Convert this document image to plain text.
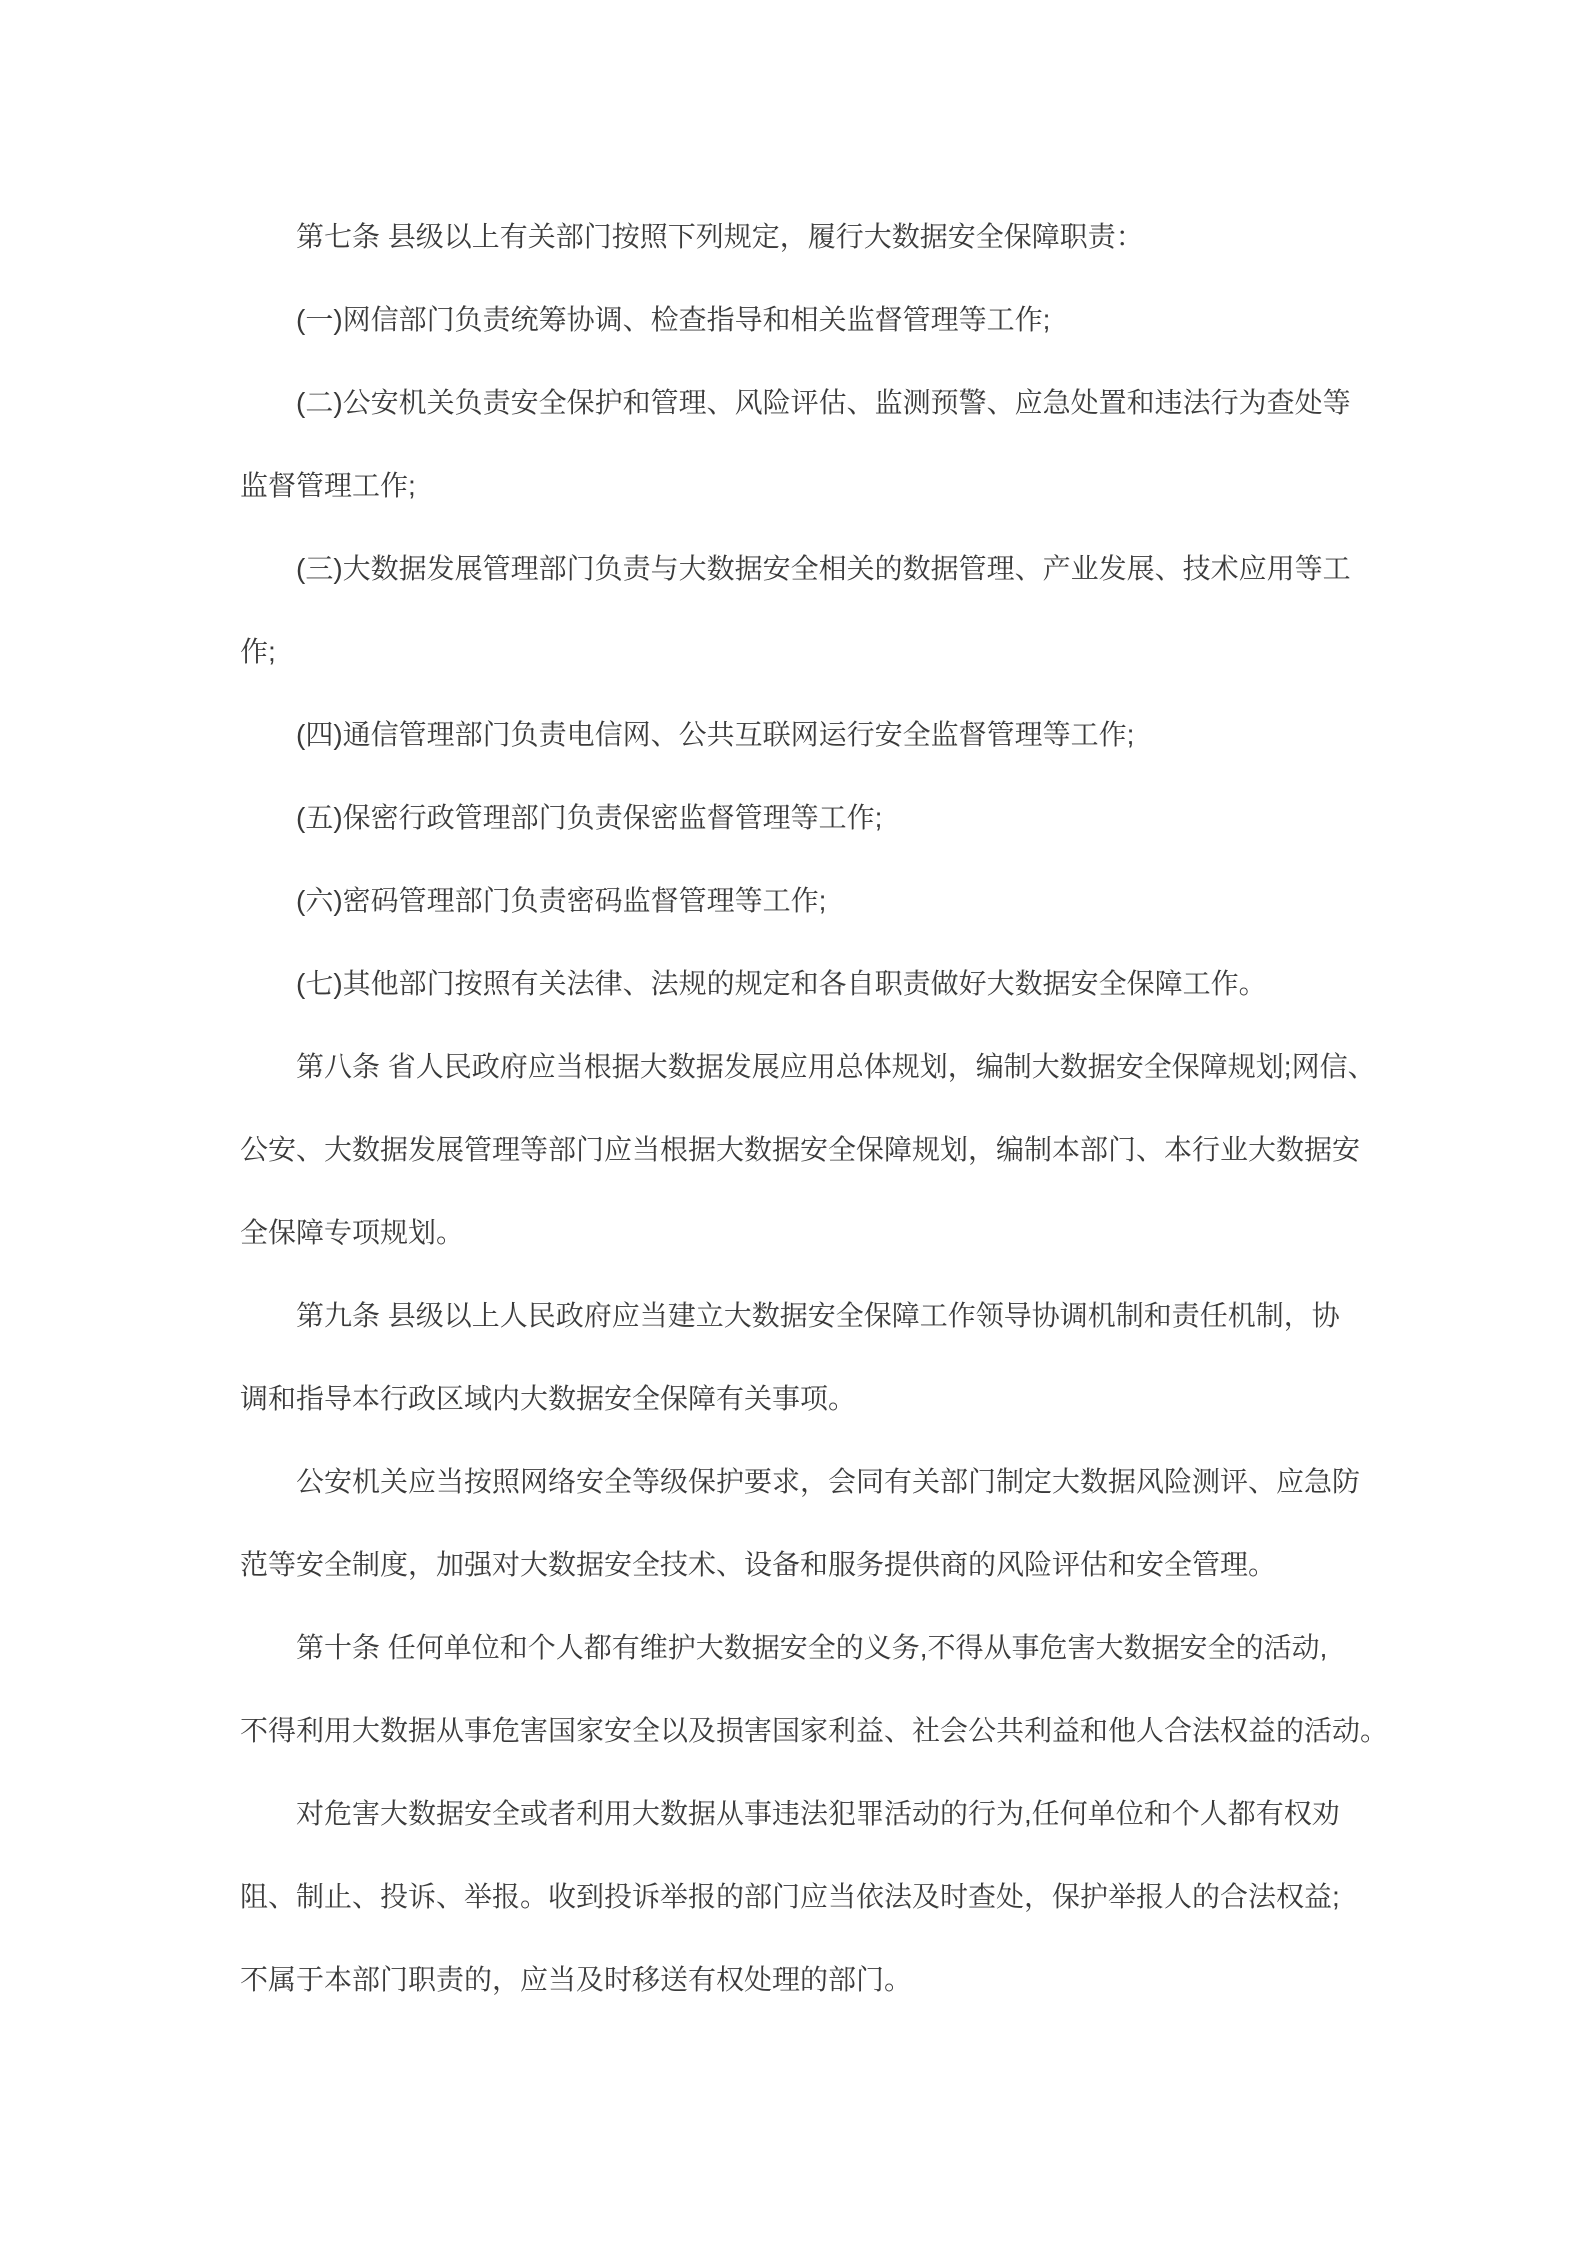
第七条 县级以上有关部门按照下列规定，履行大数据安全保障职责：
(一)网信部门负责统筹协调、检查指导和相关监督管理等工作;
(二)公安机关负责安全保护和管理、风险评估、监测预警、应急处置和违法行为查处等
监督管理工作;
(三)大数据发展管理部门负责与大数据安全相关的数据管理、产业发展、技术应用等工
作;
(四)通信管理部门负责电信网、公共互联网运行安全监督管理等工作;
(五)保密行政管理部门负责保密监督管理等工作;
(六)密码管理部门负责密码监督管理等工作;
(七)其他部门按照有关法律、法规的规定和各自职责做好大数据安全保障工作。
第八条 省人民政府应当根据大数据发展应用总体规划，编制大数据安全保障规划;网信、
公安、大数据发展管理等部门应当根据大数据安全保障规划，编制本部门、本行业大数据安
全保障专项规划。
第九条 县级以上人民政府应当建立大数据安全保障工作领导协调机制和责任机制，协
调和指导本行政区域内大数据安全保障有关事项。
公安机关应当按照网络安全等级保护要求，会同有关部门制定大数据风险测评、应急防
范等安全制度，加强对大数据安全技术、设备和服务提供商的风险评估和安全管理。
第十条 任何单位和个人都有维护大数据安全的义务,不得从事危害大数据安全的活动,
不得利用大数据从事危害国家安全以及损害国家利益、社会公共利益和他人合法权益的活动。
对危害大数据安全或者利用大数据从事违法犯罪活动的行为,任何单位和个人都有权劝
阻、制止、投诉、举报。收到投诉举报的部门应当依法及时查处，保护举报人的合法权益;
不属于本部门职责的，应当及时移送有权处理的部门。
